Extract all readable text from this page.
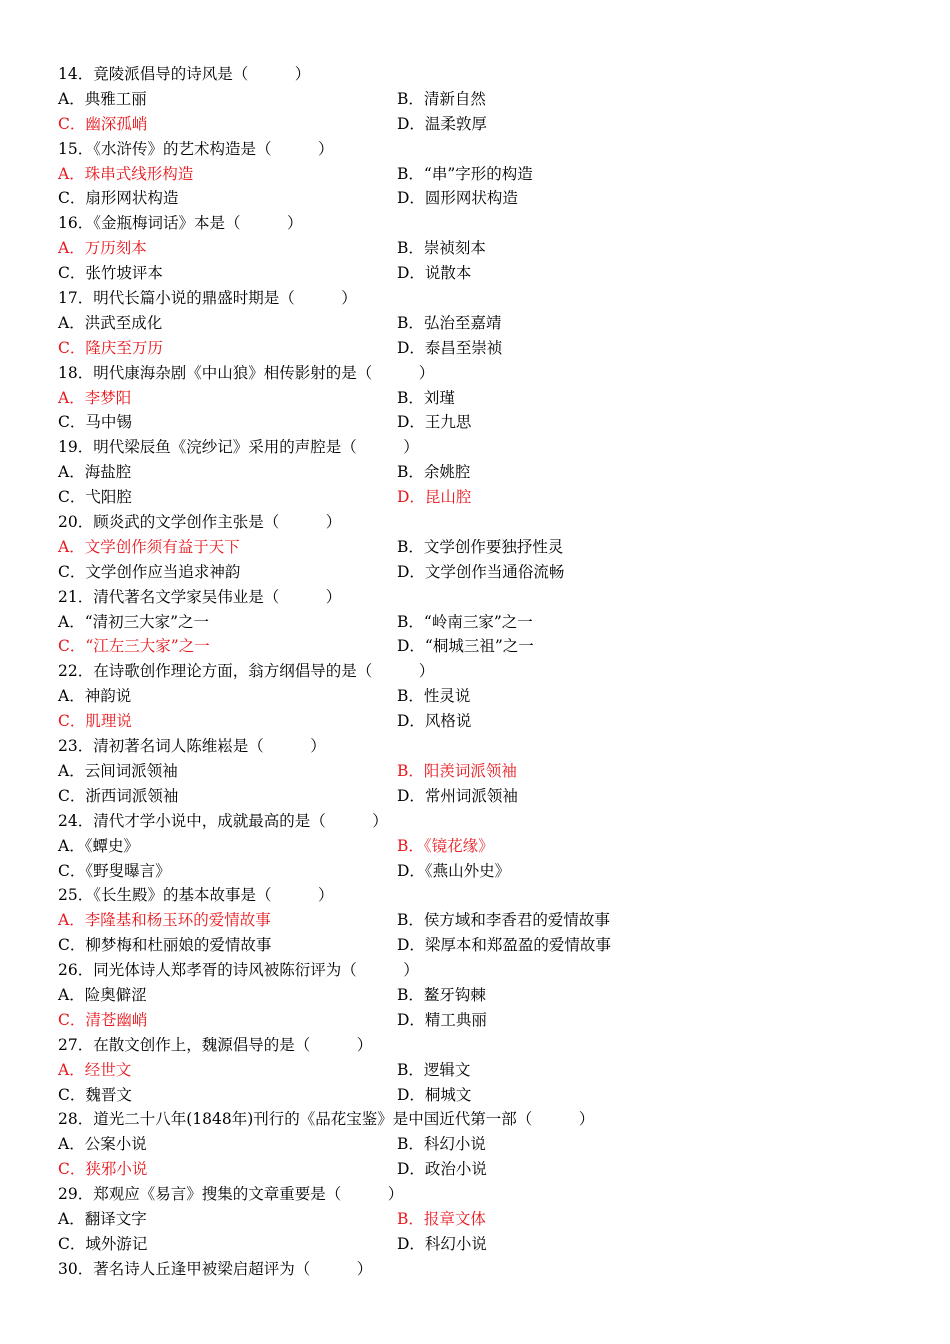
14．竟陵派倡导的诗风是（　　　）
A．典雅工丽	B．清新自然
C．幽深孤峭	D．温柔敦厚
15．《水浒传》的艺术构造是（　　　）
A．珠串式线形构造	B．“串”字形的构造
C．扇形网状构造	D．圆形网状构造
16．《金瓶梅词话》本是（　　　）
A．万历刻本	B．崇祯刻本
C．张竹坡评本	D．说散本
17．明代长篇小说的鼎盛时期是（　　　）
A．洪武至成化	B．弘治至嘉靖
C．隆庆至万历	D．泰昌至崇祯
18．明代康海杂剧《中山狼》相传影射的是（　　　）
A．李梦阳	B．刘瑾
C．马中锡	D．王九思
19．明代梁辰鱼《浣纱记》采用的声腔是（　　　）
A．海盐腔	B．余姚腔
C．弋阳腔	D．昆山腔
20．顾炎武的文学创作主张是（　　　）
A．文学创作须有益于天下	B．文学创作要独抒性灵
C．文学创作应当追求神韵	D．文学创作当通俗流畅
21．清代著名文学家吴伟业是（　　　）
A．“清初三大家”之一	B．“岭南三家”之一
C．“江左三大家”之一	D．“桐城三祖”之一
22．在诗歌创作理论方面，翁方纲倡导的是（　　　）
A．神韵说	B．性灵说
C．肌理说	D．风格说
23．清初著名词人陈维崧是（　　　）
A．云间词派领袖	B．阳羡词派领袖
C．浙西词派领袖	D．常州词派领袖
24．清代才学小说中，成就最高的是（　　　）
A．《蟫史》	B．《镜花缘》
C．《野叟曝言》	D．《燕山外史》
25．《长生殿》的基本故事是（　　　）
A．李隆基和杨玉环的爱情故事	B．侯方域和李香君的爱情故事
C．柳梦梅和杜丽娘的爱情故事	D．梁厚本和郑盈盈的爱情故事
26．同光体诗人郑孝胥的诗风被陈衍评为（　　　）
A．险奥僻涩	B．鳌牙钩棘
C．清苍幽峭	D．精工典丽
27．在散文创作上，魏源倡导的是（　　　）
A．经世文	B．逻辑文
C．魏晋文	D．桐城文
28．道光二十八年(1848年)刊行的《品花宝鉴》是中国近代第一部（　　　）
A．公案小说	B．科幻小说
C．狭邪小说	D．政治小说
29．郑观应《易言》搜集的文章重要是（　　　）
A．翻译文字	B．报章文体
C．域外游记	D．科幻小说
30．著名诗人丘逢甲被梁启超评为（　　　）
